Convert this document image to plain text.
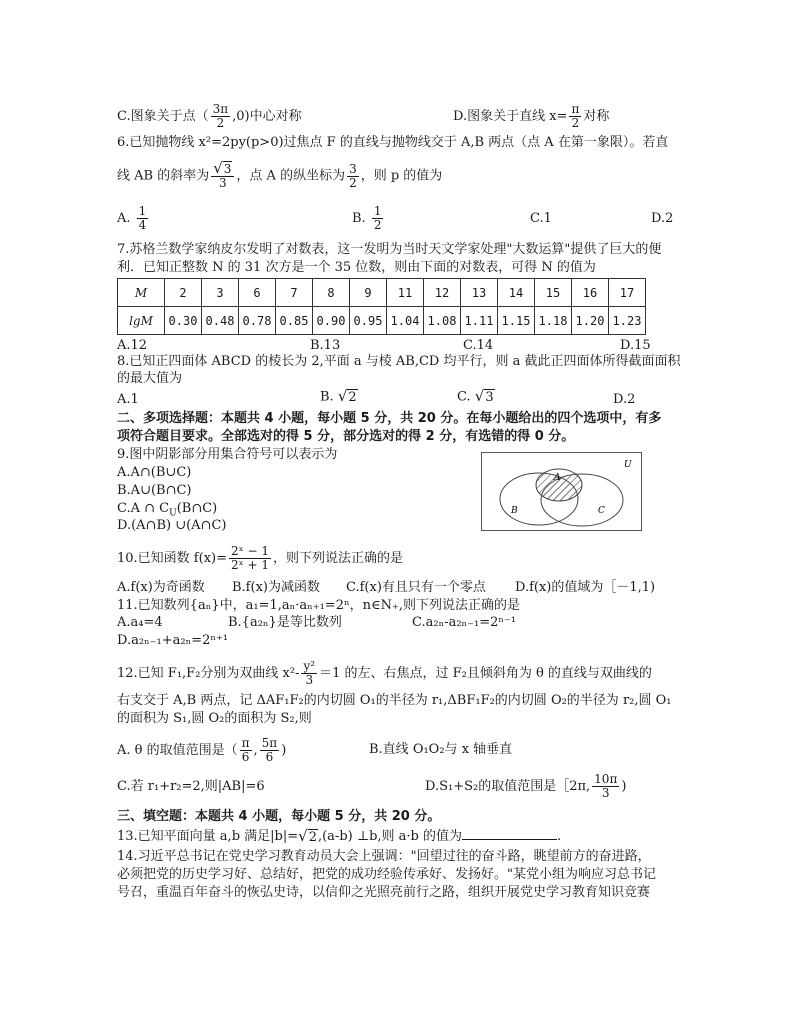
C.图象关于点（ $\frac{3\pi}{2} ,0$)中心对称	D.图象关于直线 $x= \frac{\pi}{2}$ 对称
6.已知抛物线 x²=2py(p>0)过焦点 F 的直线与抛物线交于 A,B 两点（点 A 在第一象限）。若直
线 AB 的斜率为 $\frac{√3}{3}$ ，点 A 的纵坐标为 $\frac{3}{2}$ ，则 p 的值为
A. $\frac{1}{4}$	B. $\frac{1}{2}$	C.1	D.2
7.苏格兰数学家纳皮尔发明了对数表，这一发明为当时天文学家处理"大数运算"提供了巨大的便
利．已知正整数 N 的 31 次方是一个 35 位数，则由下面的对数表，可得 N 的值为
M	2	3	6	7	8	9	11	12	13	14	15	16	17
lgM	0.30	0.48	0.78	0.85	0.90	0.95	1.04	1.08	1.11	1.15	1.18	1.20	1.23
A.12	B.13	C.14	D.15
8.已知正四面体 ABCD 的棱长为 2,平面 a 与棱 AB,CD 均平行，则 a 截此正四面体所得截面面积
的最大值为
A.1	B. √2	C. √3	D.2
二、多项选择题：本题共 4 小题，每小题 5 分，共 20 分。在每小题给出的四个选项中，有多
项符合题目要求。全部选对的得 5 分，部分选对的得 2 分，有选错的得 0 分。
9.图中阴影部分用集合符号可以表示为
A.A∩(B∪C)
B.A∪(B∩C)
C.A ∩ $C_U(B\cap C)$
D.(A∩B) ∪(A∩C)
U
A
B	C
10.已知函数 $f(x)= \frac{\text{2ˣ − 1}}{\text{2ˣ + 1}}$ ，则下列说法正确的是
A.f(x)为奇函数 B.f(x)为减函数 C.f(x)有且只有一个零点 D.f(x)的值域为［－1,1)
11.已知数列{aₙ}中，a₁=1,aₙ·aₙ₊₁=2ⁿ，n∈N₊,则下列说法正确的是
A.a₄=4	B.{a₂ₙ}是等比数列	C.a₂ₙ-a₂ₙ₋₁=2ⁿ⁻¹
D.a₂ₙ₋₁+a₂ₙ=2ⁿ⁺¹
12.已知 F₁,F₂分别为双曲线 $x^2- \frac{\text{y²}}{3} =1$ 的左、右焦点，过 F₂且倾斜角为 θ 的直线与双曲线的
右支交于 A,B 两点，记 ΔAF₁F₂的内切圆 O₁的半径为 r₁,ΔBF₁F₂的内切圆 O₂的半径为 r₂,圆 O₁
的面积为 S₁,圆 O₂的面积为 S₂,则
A. θ 的取值范围是（ $\frac{\pi}{6}$ , $\frac{5\pi}{6}$ )	B.直线 O₁O₂与 x 轴垂直
C.若 r₁+r₂=2,则|AB|=6	D.S₁+S₂的取值范围是［2π, $\frac{10\pi}{3}$ )
三、填空题：本题共 4 小题，每小题 5 分，共 20 分。
13.已知平面向量 a,b 满足|b|=√2,(a-b) ⊥b,则 a·b 的值为	.
14.习近平总书记在党史学习教育动员大会上强调："回望过往的奋斗路，眺望前方的奋进路，
必须把党的历史学习好、总结好，把党的成功经验传承好、发扬好。"某党小组为响应习总书记
号召，重温百年奋斗的恢弘史诗，以信仰之光照亮前行之路，组织开展党史学习教育知识竞赛
